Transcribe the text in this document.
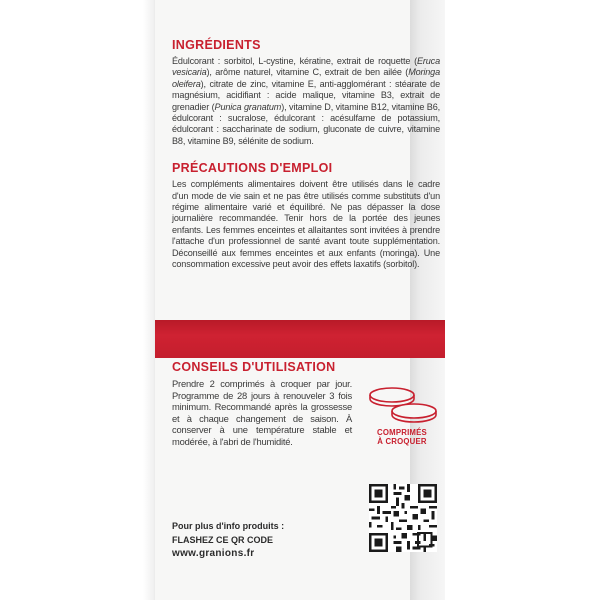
INGRÉDIENTS

Édulcorant : sorbitol, L-cystine, kératine, extrait de roquette (Eruca vesicaria), arôme naturel, vitamine C, extrait de ben ailée (Moringa oleifera), citrate de zinc, vitamine E, anti-agglomérant : stéarate de magnésium, acidifiant : acide malique, vitamine B3, extrait de grenadier (Punica granatum), vitamine D, vitamine B12, vitamine B6, édulcorant : sucralose, édulcorant : acésulfame de potassium, édulcorant : saccharinate de sodium, gluconate de cuivre, vitamine B8, vitamine B9, sélénite de sodium.

PRÉCAUTIONS D'EMPLOI

Les compléments alimentaires doivent être utilisés dans le cadre d'un mode de vie sain et ne pas être utilisés comme substituts d'un régime alimentaire varié et équilibré. Ne pas dépasser la dose journalière recommandée. Tenir hors de la portée des jeunes enfants. Les femmes enceintes et allaitantes sont invitées à prendre l'attache d'un professionnel de santé avant toute supplémentation. Déconseillé aux femmes enceintes et aux enfants (moringa). Une consommation excessive peut avoir des effets laxatifs (sorbitol).

CONSEILS D'UTILISATION

Prendre 2 comprimés à croquer par jour. Programme de 28 jours à renouveler 3 fois minimum. Recommandé après la grossesse et à chaque changement de saison. À conserver à une température stable et modérée, à l'abri de l'humidité.

COMPRIMÉS
À CROQUER
Pour plus d'info produits :
FLASHEZ CE QR CODE
www.granions.fr
